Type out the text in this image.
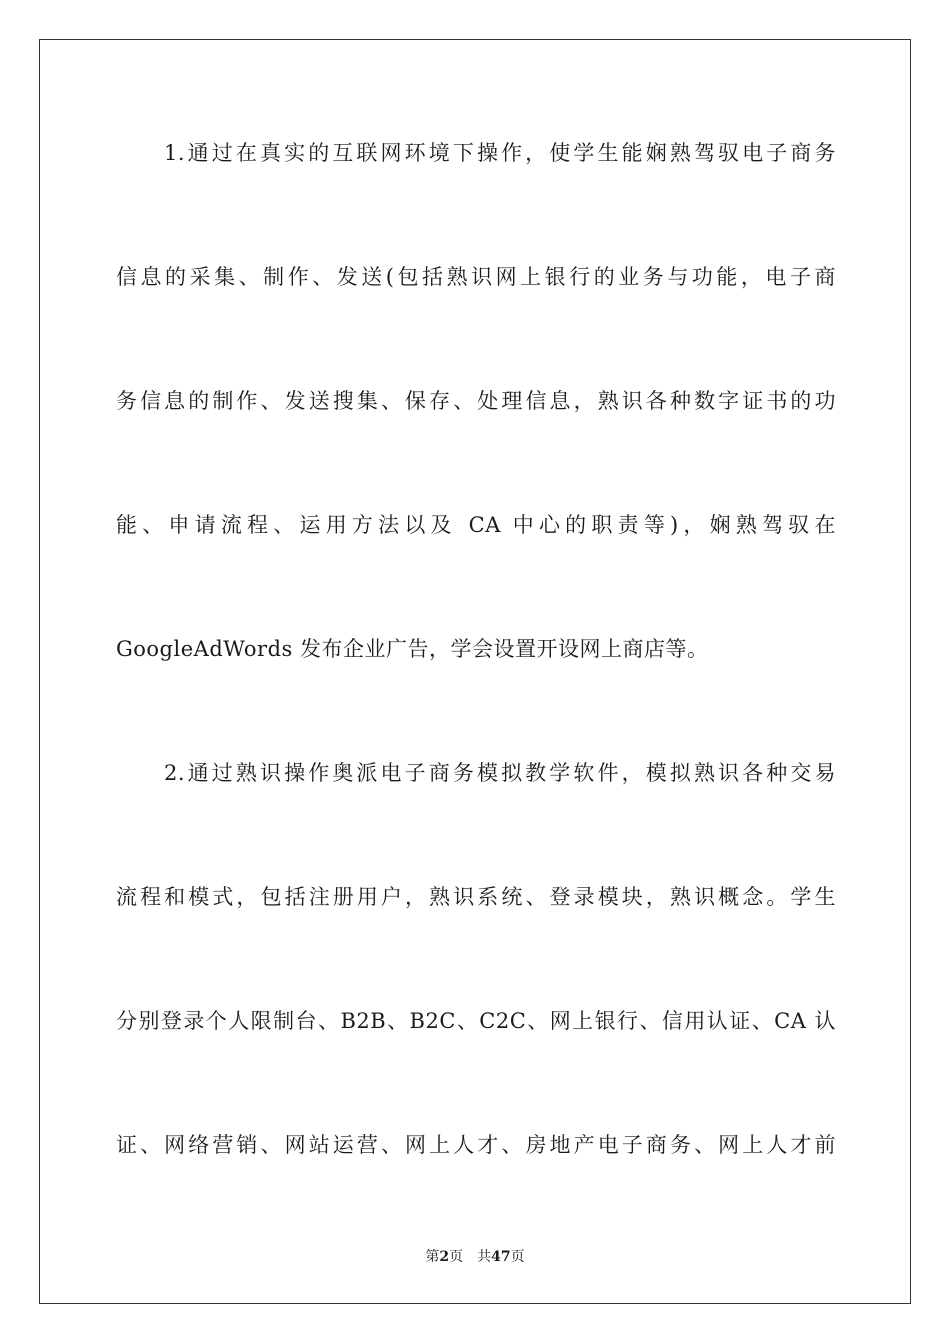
1.通过在真实的互联网环境下操作，使学生能娴熟驾驭电子商务
信息的采集、制作、发送(包括熟识网上银行的业务与功能，电子商
务信息的制作、发送搜集、保存、处理信息，熟识各种数字证书的功
能、申请流程、运用方法以及 CA 中心的职责等)，娴熟驾驭在
GoogleAdWords 发布企业广告，学会设置开设网上商店等。
2.通过熟识操作奥派电子商务模拟教学软件，模拟熟识各种交易
流程和模式，包括注册用户，熟识系统、登录模块，熟识概念。学生
分别登录个人限制台、B2B、B2C、C2C、网上银行、信用认证、CA 认
证、网络营销、网站运营、网上人才、房地产电子商务、网上人才前
第2页 共47页
